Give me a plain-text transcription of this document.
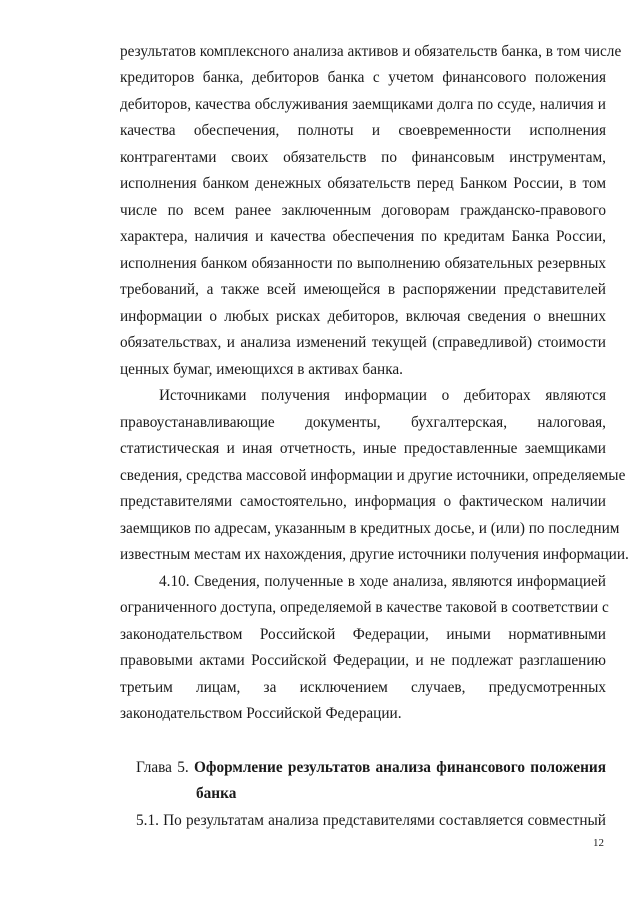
результатов комплексного анализа активов и обязательств банка, в том числе
кредиторов банка, дебиторов банка с учетом финансового положения
дебиторов, качества обслуживания заемщиками долга по ссуде, наличия и
качества обеспечения, полноты и своевременности исполнения
контрагентами своих обязательств по финансовым инструментам,
исполнения банком денежных обязательств перед Банком России, в том
числе по всем ранее заключенным договорам гражданско-правового
характера, наличия и качества обеспечения по кредитам Банка России,
исполнения банком обязанности по выполнению обязательных резервных
требований, а также всей имеющейся в распоряжении представителей
информации о любых рисках дебиторов, включая сведения о внешних
обязательствах, и анализа изменений текущей (справедливой) стоимости
ценных бумаг, имеющихся в активах банка.
Источниками получения информации о дебиторах являются
правоустанавливающие документы, бухгалтерская, налоговая,
статистическая и иная отчетность, иные предоставленные заемщиками
сведения, средства массовой информации и другие источники, определяемые
представителями самостоятельно, информация о фактическом наличии
заемщиков по адресам, указанным в кредитных досье, и (или) по последним
известным местам их нахождения, другие источники получения информации.
4.10. Сведения, полученные в ходе анализа, являются информацией
ограниченного доступа, определяемой в качестве таковой в соответствии с
законодательством Российской Федерации, иными нормативными
правовыми актами Российской Федерации, и не подлежат разглашению
третьим лицам, за исключением случаев, предусмотренных
законодательством Российской Федерации.
Глава 5. Оформление результатов анализа финансового положения
банка
5.1. По результатам анализа представителями составляется совместный
12
